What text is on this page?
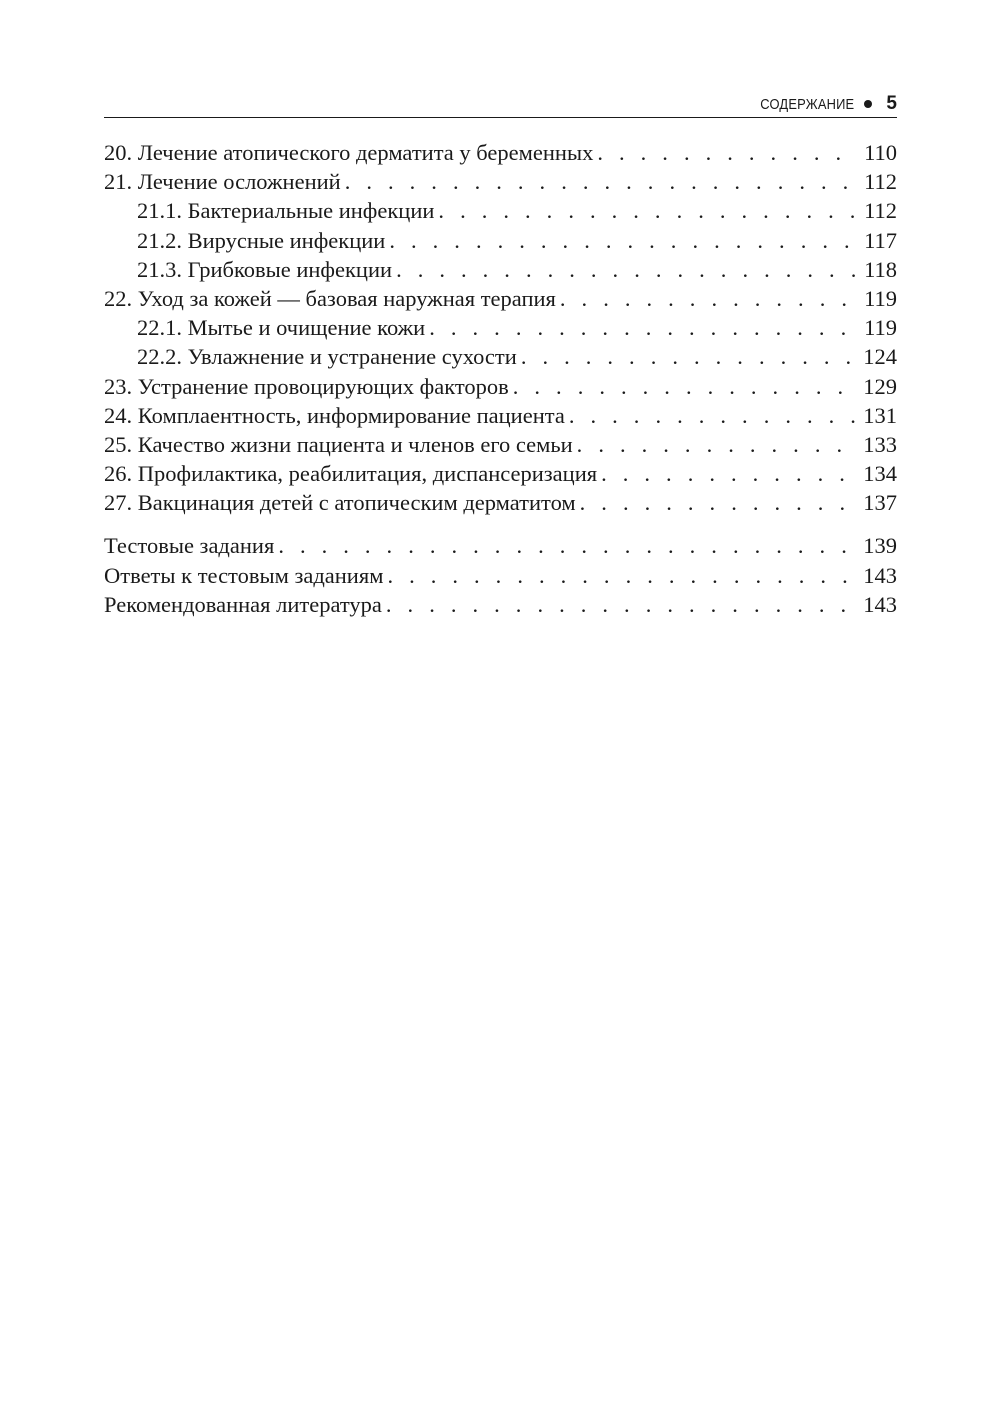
СОДЕРЖАНИЕ 5
20. Лечение атопического дерматита у беременных . . .	110
21. Лечение осложнений . . .	112
21.1. Бактериальные инфекции . . .	112
21.2. Вирусные инфекции . . .	117
21.3. Грибковые инфекции . . .	118
22. Уход за кожей — базовая наружная терапия . . .	119
22.1. Мытье и очищение кожи . . .	119
22.2. Увлажнение и устранение сухости . . .	124
23. Устранение провоцирующих факторов . . .	129
24. Комплаентность, информирование пациента . . .	131
25. Качество жизни пациента и членов его семьи . . .	133
26. Профилактика, реабилитация, диспансеризация . . .	134
27. Вакцинация детей с атопическим дерматитом . . .	137
Тестовые задания . . .	139
Ответы к тестовым заданиям . . .	143
Рекомендованная литература . . .	143
